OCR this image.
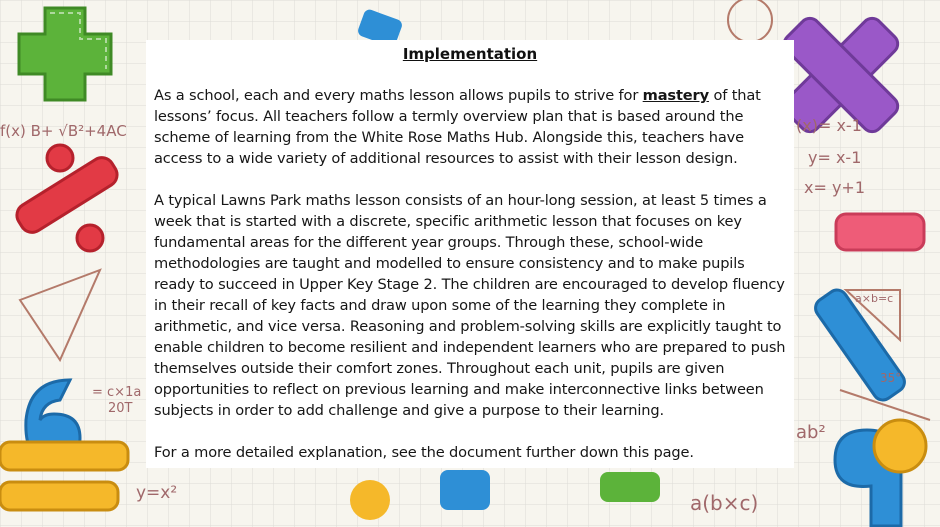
f(x) B+ √B²+4AC	(x)= x-1
y= x-1
x= y+1
= c×1a
20T
y=x²	a(b×c)
ab²
35°
a×b=c
Implementation

As a school, each and every maths lesson allows pupils to strive for mastery of that lessons’ focus. All teachers follow a termly overview plan that is based around the scheme of learning from the White Rose Maths Hub. Alongside this, teachers have access to a wide variety of additional resources to assist with their lesson design.

A typical Lawns Park maths lesson consists of an hour-long session, at least 5 times a week that is started with a discrete, specific arithmetic lesson that focuses on key fundamental areas for the different year groups. Through these, school-wide methodologies are taught and modelled to ensure consistency and to make pupils ready to succeed in Upper Key Stage 2. The children are encouraged to develop fluency in their recall of key facts and draw upon some of the learning they complete in arithmetic, and vice versa. Reasoning and problem-solving skills are explicitly taught to enable children to become resilient and independent learners who are prepared to push themselves outside their comfort zones. Throughout each unit, pupils are given opportunities to reflect on previous learning and make interconnective links between subjects in order to add challenge and give a purpose to their learning.

For a more detailed explanation, see the document further down this page.
